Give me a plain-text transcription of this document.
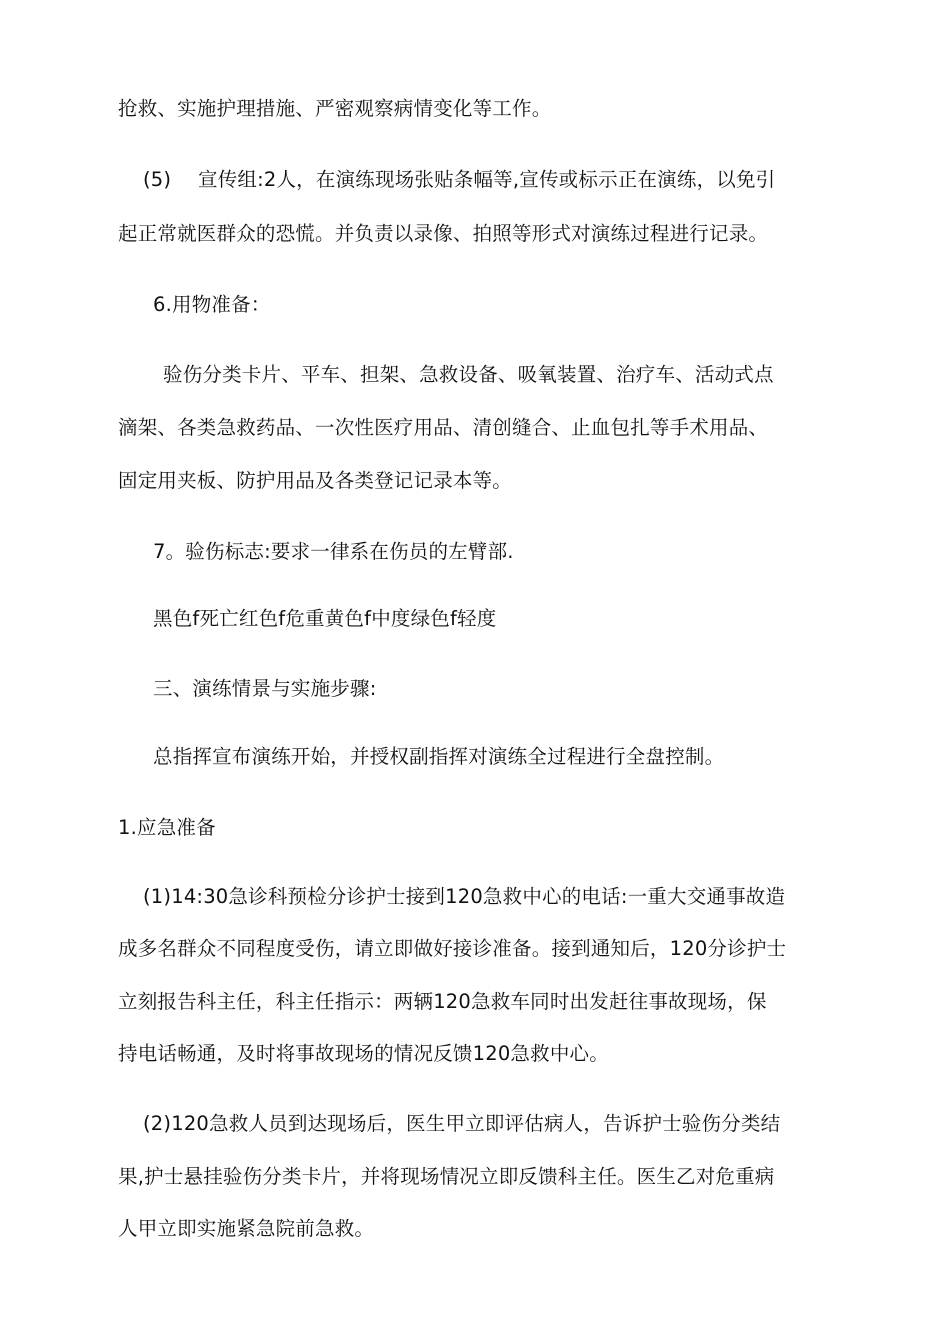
抢救、实施护理措施、严密观察病情变化等工作。
(5) 宣传组:2人，在演练现场张贴条幅等,宣传或标示正在演练，以免引
起正常就医群众的恐慌。并负责以录像、拍照等形式对演练过程进行记录。
6.用物准备：
验伤分类卡片、平车、担架、急救设备、吸氧装置、治疗车、活动式点
滴架、各类急救药品、一次性医疗用品、清创缝合、止血包扎等手术用品、
固定用夹板、防护用品及各类登记记录本等。
7。验伤标志:要求一律系在伤员的左臂部.
黑色f死亡红色f危重黄色f中度绿色f轻度
三、演练情景与实施步骤:
总指挥宣布演练开始，并授权副指挥对演练全过程进行全盘控制。
1.应急准备
(1)14:30急诊科预检分诊护士接到120急救中心的电话:一重大交通事故造
成多名群众不同程度受伤，请立即做好接诊准备。接到通知后，120分诊护士
立刻报告科主任，科主任指示：两辆120急救车同时出发赶往事故现场，保
持电话畅通，及时将事故现场的情况反馈120急救中心。
(2)120急救人员到达现场后，医生甲立即评估病人，告诉护士验伤分类结
果,护士悬挂验伤分类卡片，并将现场情况立即反馈科主任。医生乙对危重病
人甲立即实施紧急院前急救。
